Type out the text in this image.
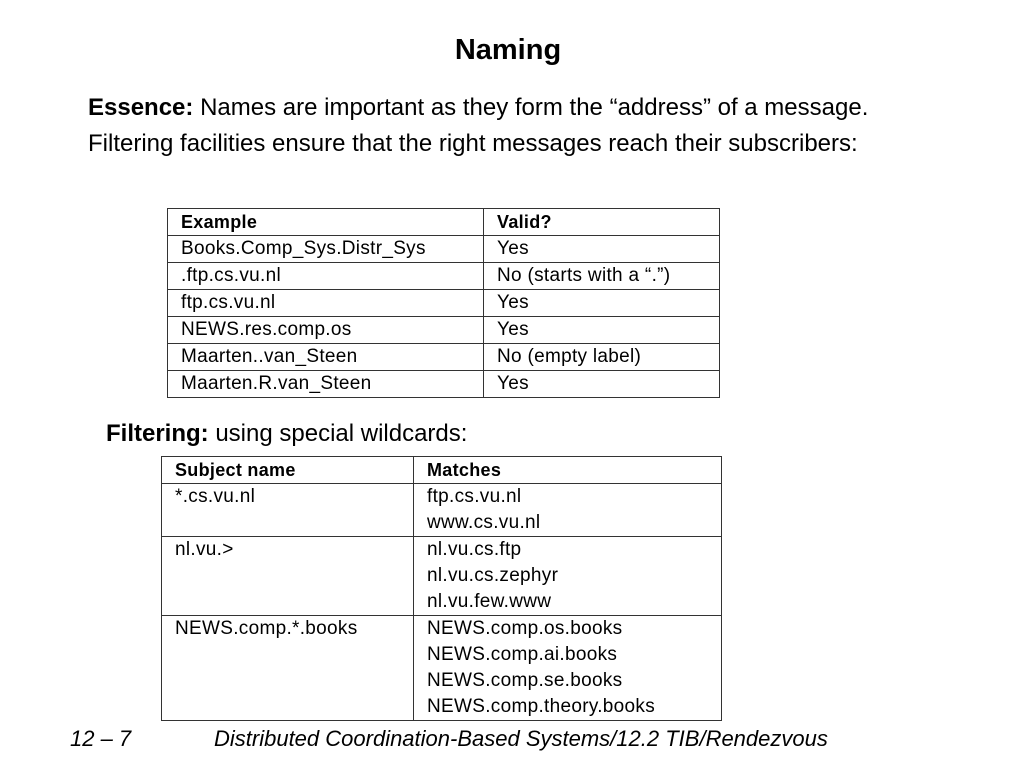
Naming
Essence: Names are important as they form the “address” of a message. Filtering facilities ensure that the right messages reach their subscribers:
Example	Valid?
Books.Comp_Sys.Distr_Sys	Yes
.ftp.cs.vu.nl	No (starts with a “.”)
ftp.cs.vu.nl	Yes
NEWS.res.comp.os	Yes
Maarten..van_Steen	No (empty label)
Maarten.R.van_Steen	Yes
Filtering: using special wildcards:
Subject name	Matches
*.cs.vu.nl	ftp.cs.vu.nl
www.cs.vu.nl

nl.vu.>	nl.vu.cs.ftp
nl.vu.cs.zephyr
nl.vu.few.www

NEWS.comp.*.books	NEWS.comp.os.books
NEWS.comp.ai.books
NEWS.comp.se.books
NEWS.comp.theory.books
12 – 7	Distributed Coordination-Based Systems/12.2 TIB/Rendezvous
